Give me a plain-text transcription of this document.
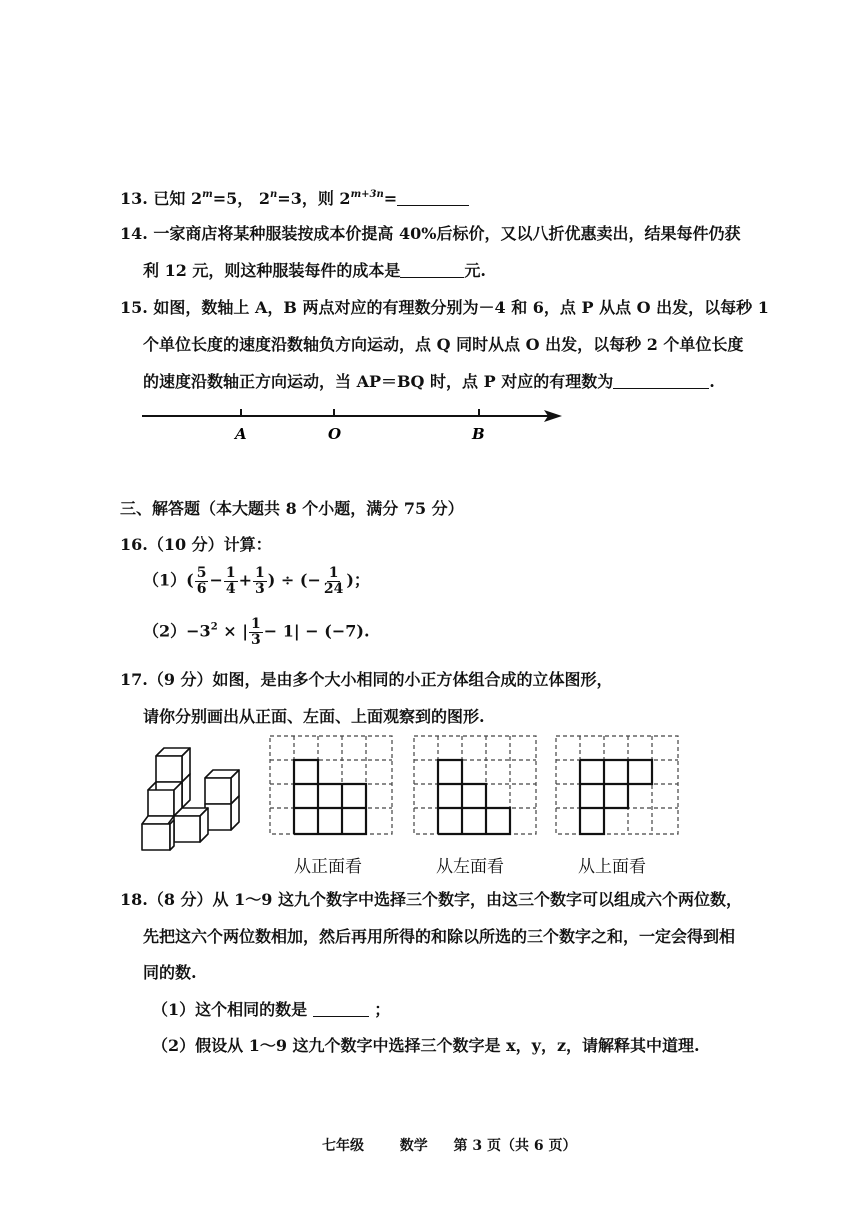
13. 已知 $2^m=5$， $2^n=3$，则 $2^{m+3n}=$
14. 一家商店将某种服装按成本价提高 40%后标价，又以八折优惠卖出，结果每件仍获
利 12 元，则这种服装每件的成本是	元.
15. 如图，数轴上 A，B 两点对应的有理数分别为－4 和 6，点 P 从点 O 出发，以每秒 1
个单位长度的速度沿数轴负方向运动，点 Q 同时从点 O 出发，以每秒 2 个单位长度
的速度沿数轴正方向运动，当 AP＝BQ 时，点 P 对应的有理数为	.
A	O	B
三、解答题（本大题共 8 个小题，满分 75 分）
16.（10 分）计算：
$(1)( \frac{5}{6} - \frac{1}{4} + \frac{1}{3}$ ) ÷ (− $\frac{1}{24}$ )；
$(2)-3^2$ × | $\frac{1}{3} - 1| - (-7)$.
17.（9 分）如图，是由多个大小相同的小正方体组合成的立体图形，
请你分别画出从正面、左面、上面观察到的图形.
从正面看	从左面看	从上面看
18.（8 分）从 1～9 这九个数字中选择三个数字，由这三个数字可以组成六个两位数，
先把这六个两位数相加，然后再用所得的和除以所选的三个数字之和，一定会得到相
同的数.
（1）这个相同的数是	；
（2）假设从 1～9 这九个数字中选择三个数字是 x，y，z，请解释其中道理.
七年级	数学 第 3 页（共 6 页）
